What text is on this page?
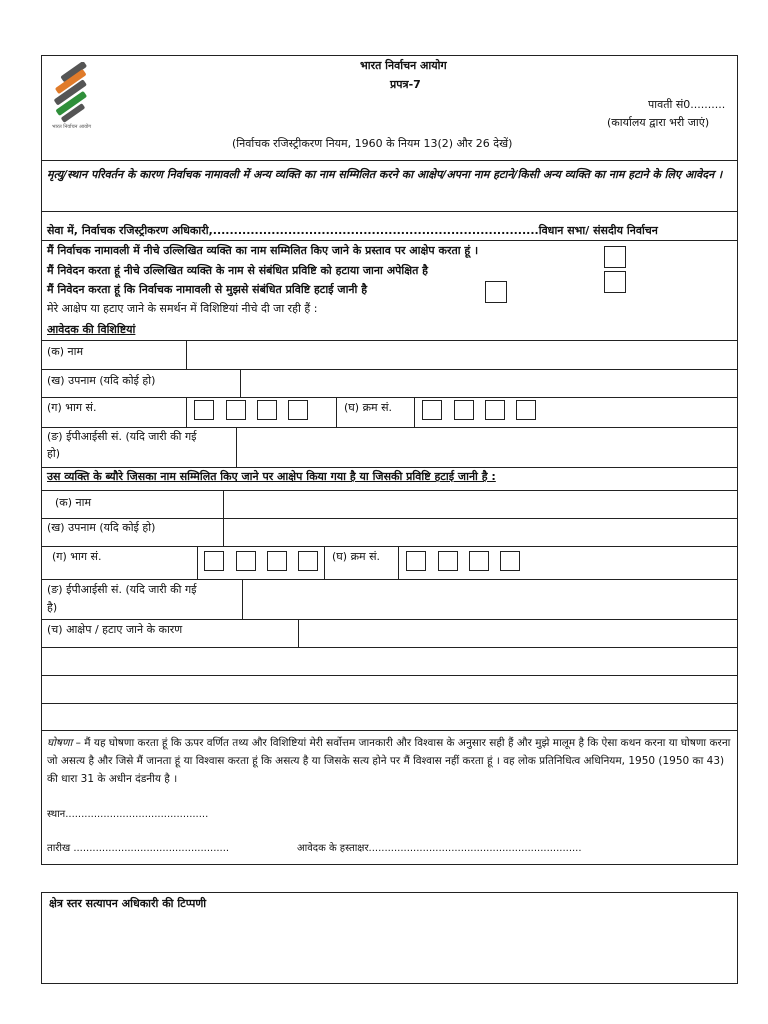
भारत निर्वाचन आयोग
भारत निर्वाचन आयोग
प्रपत्र-7
पावती सं0..........
(कार्यालय द्वारा भरी जाएं)
(निर्वाचक रजिस्ट्रीकरण नियम, 1960 के नियम 13(2) और 26 देखें)
मृत्यु/स्थान परिवर्तन के कारण निर्वाचक नामावली में अन्य व्यक्ति का नाम सम्मिलित करने का आक्षेप/अपना नाम हटाने/किसी अन्य व्यक्ति का नाम हटाने के लिए आवेदन ।
सेवा में, निर्वाचक रजिस्ट्रीकरण अधिकारी,..............................................................................विधान सभा/ संसदीय निर्वाचन
मैं निर्वाचक नामावली में नीचे उल्लिखित व्यक्ति का नाम सम्मिलित किए जाने के प्रस्ताव पर आक्षेप करता हूं ।
मैं निवेदन करता हूं नीचे उल्लिखित व्यक्ति के नाम से संबंधित प्रविष्टि को हटाया जाना अपेक्षित है
मैं निवेदन करता हूं कि निर्वाचक नामावली से मुझसे संबंधित प्रविष्टि हटाई जानी है
मेरे आक्षेप या हटाए जाने के समर्थन में विशिष्टियां नीचे दी जा रही हैं :
आवेदक की विशिष्टियां
(क) नाम
(ख) उपनाम (यदि कोई हो)
(ग) भाग सं.	(घ) क्रम सं.
(ङ) ईपीआईसी सं. (यदि जारी की गई
हो)
उस व्यक्ति के ब्यौरे जिसका नाम सम्मिलित किए जाने पर आक्षेप किया गया है या जिसकी प्रविष्टि हटाई जानी है :
(क) नाम
(ख) उपनाम (यदि कोई हो)
(ग) भाग सं.	(घ) क्रम सं.
(ङ) ईपीआईसी सं. (यदि जारी की गई
है)
(च) आक्षेप / हटाए जाने के कारण
घोषणा – मैं यह घोषणा करता हूं कि ऊपर वर्णित तथ्य और विशिष्टियां मेरी सर्वोत्तम जानकारी और विश्वास के अनुसार सही हैं और मुझे मालूम है कि ऐसा कथन करना या घोषणा करना जो असत्य है और जिसे मैं जानता हूं या विश्वास करता हूं कि असत्य है या जिसके सत्य होने पर मैं विश्वास नहीं करता हूं । वह लोक प्रतिनिधित्व अधिनियम, 1950 (1950 का 43) की धारा 31 के अधीन दंडनीय है ।
स्थान.............................................
तारीख .................................................	आवेदक के हस्ताक्षर...................................................................
क्षेत्र स्तर सत्यापन अधिकारी की टिप्पणी
